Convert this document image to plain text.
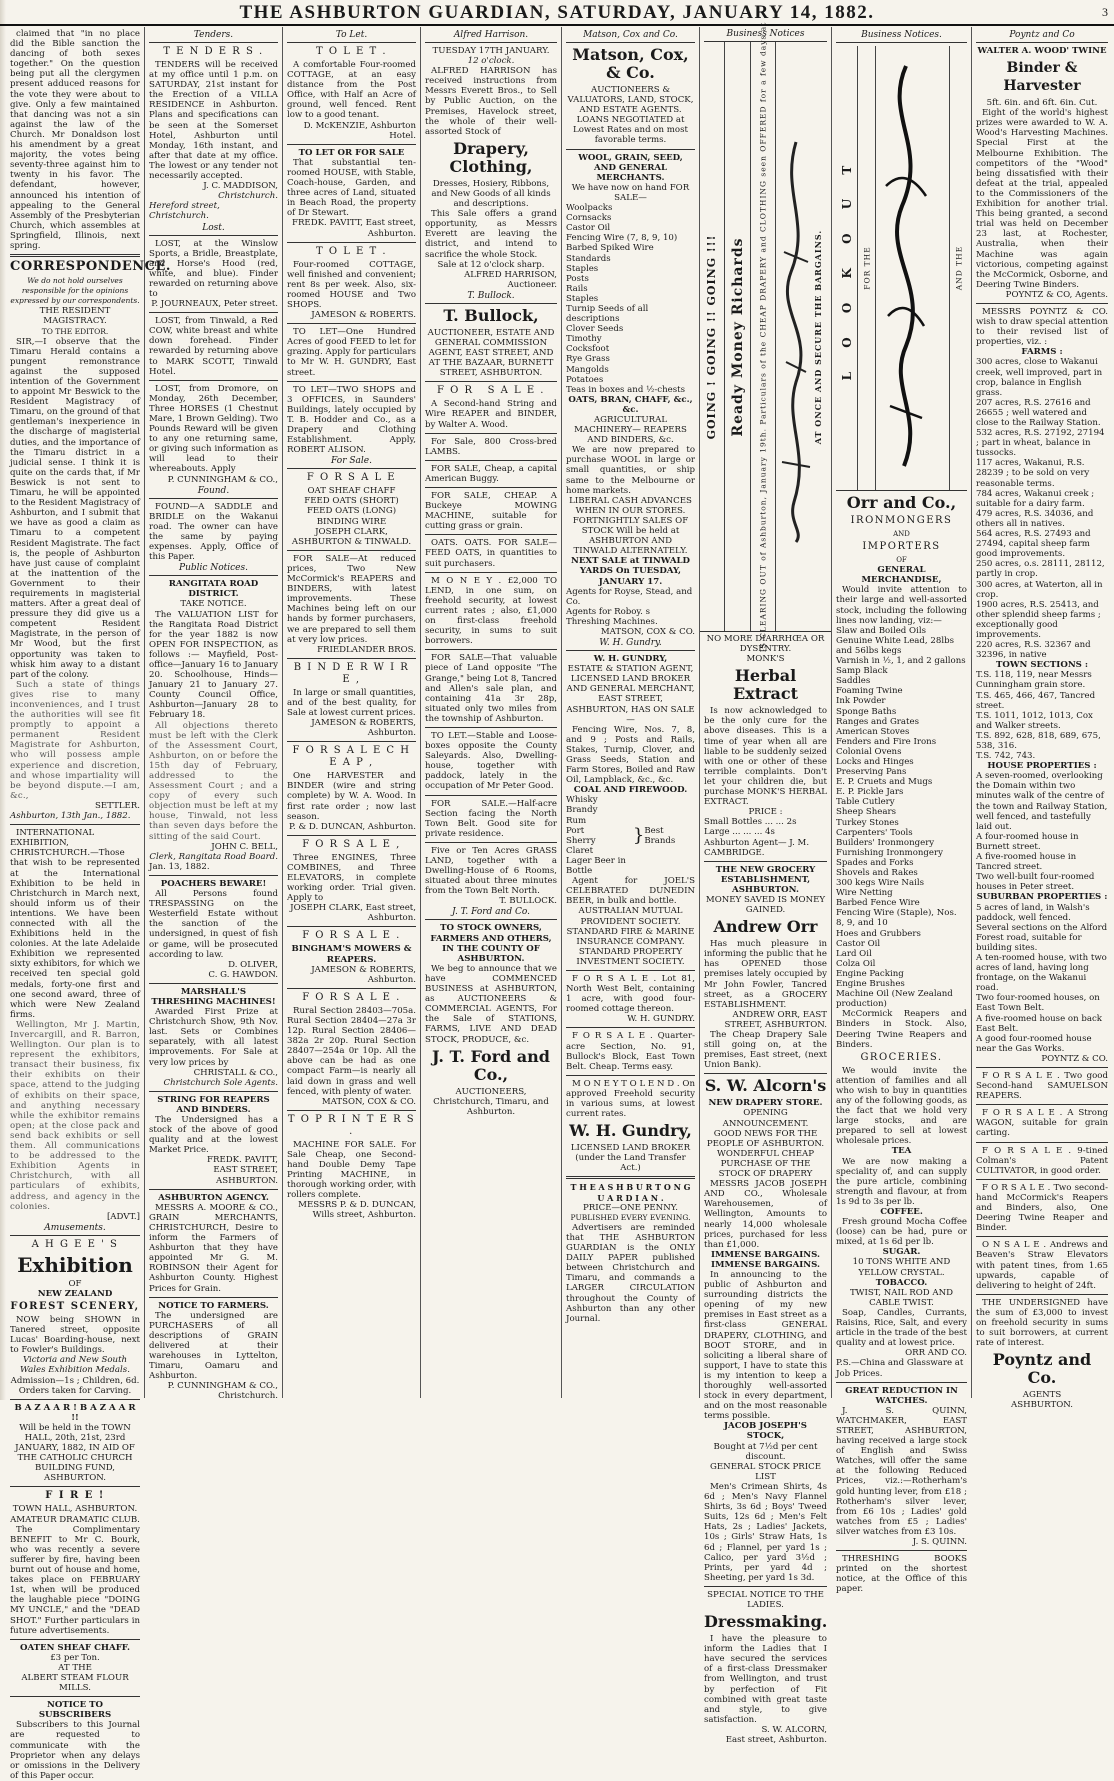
THE ASHBURTON GUARDIAN, SATURDAY, JANUARY 14, 1882.	3

claimed that "in no place did the Bible sanction the dancing of both sexes together." On the question being put all the clergymen present adduced reasons for the vote they were about to give. Only a few maintained that dancing was not a sin against the law of the Church. Mr Donaldson lost his amendment by a great majority, the votes being seventy-three against him to twenty in his favor. The defendant, however, announced his intention of appealing to the General Assembly of the Presbyterian Church, which assembles at Springfield, Illinois, next spring.

CORRESPONDENCE.

We do not hold ourselves responsible for the opinions expressed by our correspondents.

THE RESIDENT MAGISTRACY.
TO THE EDITOR.

SIR,—I observe that the Timaru Herald contains a pungent remonstrance against the supposed intention of the Government to appoint Mr Beswick to the Resident Magistracy of Timaru, on the ground of that gentleman's inexperience in the discharge of magisterial duties, and the importance of the Timaru district in a judicial sense. I think it is quite on the cards that, if Mr Beswick is not sent to Timaru, he will be appointed to the Resident Magistracy of Ashburton, and I submit that we have as good a claim as Timaru to a competent Resident Magistrate. The fact is, the people of Ashburton have just cause of complaint at the inattention of the Government to their requirements in magisterial matters. After a great deal of pressure they did give us a competent Resident Magistrate, in the person of Mr Wood, but the first opportunity was taken to whisk him away to a distant part of the colony.

Such a state of things gives rise to many inconveniences, and I trust the authorities will see fit promptly to appoint a permanent Resident Magistrate for Ashburton, who will possess ample experience and discretion, and whose impartiality will be beyond dispute.—I am, &c.,

SETTLER.
Ashburton, 13th Jan., 1882.

INTERNATIONAL EXHIBITION, CHRISTCHURCH.—Those that wish to be represented at the International Exhibition to be held in Christchurch in March next, should inform us of their intentions. We have been connected with all the Exhibitions held in the colonies. At the late Adelaide Exhibition we represented sixty exhibitors, for which we received ten special gold medals, forty-one first and one second award, three of which were New Zealand firms.

Wellington, Mr J. Martin, Invercargill, and R. Barron, Wellington. Our plan is to represent the exhibitors, transact their business, fix their exhibits on their space, attend to the judging of exhibits on their space, and anything necessary while the exhibitor remains open; at the close pack and send back exhibits or sell them. All communications to be addressed to the Exhibition Agents in Christchurch, with all particulars of exhibits, address, and agency in the colonies.

[ADVT.]
Amusements.
A H G E E ' S
Exhibition
OF
NEW ZEALAND
FOREST SCENERY,

NOW being SHOWN in Tanered street, opposite Lucas' Boarding-house, next to Fowler's Buildings.

Victoria and New South Wales Exhibition Medals.
Admission—1s ; Children, 6d.
Orders taken for Carving.
B A Z A A R ! B A Z A A R !!

Will be held in the TOWN HALL, 20th, 21st, 23rd JANUARY, 1882, IN AID OF THE CATHOLIC CHURCH BUILDING FUND, ASHBURTON.

F I R E !
TOWN HALL, ASHBURTON.
AMATEUR DRAMATIC CLUB.

The Complimentary BENEFIT to Mr C. Bourk, who was recently a severe sufferer by fire, having been burnt out of house and home, takes place on FEBRUARY 1st, when will be produced the laughable piece "DOING MY UNCLE," and the "DEAD SHOT." Further particulars in future advertisements.

OATEN SHEAF CHAFF.
£3 per Ton.
AT THE
ALBERT STEAM FLOUR MILLS.
NOTICE TO SUBSCRIBERS

Subscribers to this Journal are requested to communicate with the Proprietor when any delays or omissions in the Delivery of this Paper occur.

Tenders.
T E N D E R S .

TENDERS will be received at my office until 1 p.m. on SATURDAY, 21st instant for the Erection of a VILLA RESIDENCE in Ashburton. Plans and specifications can be seen at the Somerset Hotel, Ashburton until Monday, 16th instant, and after that date at my office. The lowest or any tender not necessarily accepted.

J. C. MADDISON,
Christchurch.
Hereford street, Christchurch.
Lost.

LOST, at the Winslow Sports, a Bridle, Breastplate, and Horse's Hood (red, white, and blue). Finder rewarded on returning above to

P. JOURNEAUX, Peter street.

LOST, from Tinwald, a Red COW, white breast and white down forehead. Finder rewarded by returning above to MARK SCOTT, Tinwald Hotel.

LOST, from Dromore, on Monday, 26th December, Three HORSES (1 Chestnut Mare, 1 Brown Gelding). Two Pounds Reward will be given to any one returning same, or giving such information as will lead to their whereabouts. Apply

P. CUNNINGHAM & CO.,
Found.

FOUND—A SADDLE and BRIDLE on the Wakanui road. The owner can have the same by paying expenses. Apply, Office of this Paper.

Public Notices.
RANGITATA ROAD DISTRICT.
TAKE NOTICE.

The VALUATION LIST for the Rangitata Road District for the year 1882 is now OPEN FOR INSPECTION, as follows :— Mayfield, Post-office—January 16 to January 20. Schoolhouse, Hinds—January 21 to January 27. County Council Office, Ashburton—January 28 to February 18.

All objections thereto must be left with the Clerk of the Assessment Court, Ashburton, on or before the 15th day of February, addressed to the Assessment Court ; and a copy of every such objection must be left at my house, Tinwald, not less than seven days before the sitting of the said Court.

JOHN C. BELL,
Clerk, Rangitata Road Board.
Jan. 13, 1882.
POACHERS BEWARE!

All Persons found TRESPASSING on the Westerfield Estate without the sanction of the undersigned, in quest of fish or game, will be prosecuted according to law.

D. OLIVER,
C. G. HAWDON.
MARSHALL'S THRESHING MACHINES!

Awarded First Prize at Christchurch Show, 9th Nov. last. Sets or Combines separately, with all latest improvements. For Sale at very low prices by

CHRISTALL & CO.,
Christchurch Sole Agents.
STRING FOR REAPERS AND BINDERS.

The Undersigned has a stock of the above of good quality and at the lowest Market Price.

FREDK. PAVITT,
EAST STREET, ASHBURTON.
ASHBURTON AGENCY.

MESSRS A. MOORE & CO., GRAIN MERCHANTS, CHRISTCHURCH, Desire to inform the Farmers of Ashburton that they have appointed Mr G. M. ROBINSON their Agent for Ashburton County. Highest Prices for Grain.

NOTICE TO FARMERS.

The undersigned are PURCHASERS of all descriptions of GRAIN delivered at their warehouses in Lyttelton, Timaru, Oamaru and Ashburton.

P. CUNNINGHAM & CO.,
Christchurch.
To Let.
T O L E T .

A comfortable Four-roomed COTTAGE, at an easy distance from the Post Office, with Half an Acre of ground, well fenced. Rent low to a good tenant.

D. McKENZIE, Ashburton Hotel.
TO LET OR FOR SALE

That substantial ten-roomed HOUSE, with Stable, Coach-house, Garden, and three acres of Land, situated in Beach Road, the property of Dr Stewart.

FREDK. PAVITT, East street, Ashburton.
T O L E T .

Four-roomed COTTAGE, well finished and convenient; rent 8s per week. Also, six-roomed HOUSE and Two SHOPS.

JAMESON & ROBERTS.

TO LET—One Hundred Acres of good FEED to let for grazing. Apply for particulars to Mr W. H. GUNDRY, East street.

TO LET—TWO SHOPS and 3 OFFICES, in Saunders' Buildings, lately occupied by T. B. Hodder and Co., as a Drapery and Clothing Establishment. Apply, ROBERT ALISON.

For Sale.
F O R S A L E
OAT SHEAF CHAFF
FEED OATS (SHORT)
FEED OATS (LONG)
BINDING WIRE
JOSEPH CLARK,
ASHBURTON & TINWALD.

FOR SALE—At reduced prices, Two New McCormick's REAPERS and BINDERS, with latest improvements. These Machines being left on our hands by former purchasers, we are prepared to sell them at very low prices.

FRIEDLANDER BROS.
B I N D E R W I R E ,

In large or small quantities, and of the best quality, for Sale at lowest current prices.

JAMESON & ROBERTS,
Ashburton.
F O R S A L E C H E A P ,

One HARVESTER and BINDER (wire and string complete) by W. A. Wood. In first rate order ; now last season.

P. & D. DUNCAN, Ashburton.
F O R S A L E ,

Three ENGINES, Three COMBINES, and Three ELEVATORS, in complete working order. Trial given. Apply to

JOSEPH CLARK, East street, Ashburton.
F O R S A L E .
BINGHAM'S MOWERS & REAPERS.
JAMESON & ROBERTS, Ashburton.
F O R S A L E .

Rural Section 28403—705a. Rural Section 28404—27a 3r 12p. Rural Section 28406—382a 2r 20p. Rural Section 28407—254a 0r 10p. All the above can be had as one compact Farm—is nearly all laid down in grass and well fenced, with plenty of water.

MATSON, COX & CO.
T O P R I N T E R S .

MACHINE FOR SALE. For Sale Cheap, one Second-hand Double Demy Tape Printing MACHINE, in thorough working order, with rollers complete.

MESSRS P. & D. DUNCAN, Wills street, Ashburton.
Alfred Harrison.
TUESDAY 17TH JANUARY.
12 o'clock.

ALFRED HARRISON has received instructions from Messrs Everett Bros., to Sell by Public Auction, on the Premises, Havelock street, the whole of their well-assorted Stock of

Drapery, Clothing,

Dresses, Hosiery, Ribbons, and New Goods of all kinds and descriptions.

This Sale offers a grand opportunity, as Messrs Everett are leaving the district, and intend to sacrifice the whole Stock.

Sale at 12 o'clock sharp.
ALFRED HARRISON, Auctioneer.
T. Bullock.
T. Bullock,

AUCTIONEER, ESTATE AND GENERAL COMMISSION AGENT, EAST STREET, AND AT THE BAZAAR, BURNETT STREET, ASHBURTON.

F O R   S A L E .

A Second-hand String and Wire REAPER and BINDER, by Walter A. Wood.

For Sale, 800 Cross-bred LAMBS.

FOR SALE, Cheap, a capital American Buggy.

FOR SALE, CHEAP. A Buckeye MOWING MACHINE, suitable for cutting grass or grain.

OATS. OATS. FOR SALE—FEED OATS, in quantities to suit purchasers.

M O N E Y . £2,000 TO LEND, in one sum, on freehold security, at lowest current rates ; also, £1,000 on first-class freehold security, in sums to suit borrowers.

FOR SALE—That valuable piece of Land opposite "The Grange," being Lot 8, Tancred and Allen's sale plan, and containing 41a 3r 28p, situated only two miles from the township of Ashburton.

TO LET.—Stable and Loose-boxes opposite the County Saleyards. Also, Dwelling-house, together with paddock, lately in the occupation of Mr Peter Good.

FOR SALE.—Half-acre Section facing the North Town Belt. Good site for private residence.

Five or Ten Acres GRASS LAND, together with a Dwelling-House of 6 Rooms, situated about three minutes from the Town Belt North.

T. BULLOCK.
J. T. Ford and Co.
TO STOCK OWNERS, FARMERS AND OTHERS, IN THE COUNTY OF ASHBURTON.

We beg to announce that we have COMMENCED BUSINESS at ASHBURTON, as AUCTIONEERS & COMMERCIAL AGENTS, For the Sale of STATIONS, FARMS, LIVE AND DEAD STOCK, PRODUCE, &c.

J. T. Ford and Co.,
AUCTIONEERS, Christchurch, Timaru, and Ashburton.
Matson, Cox and Co.
Matson, Cox, & Co.

AUCTIONEERS & VALUATORS, LAND, STOCK, AND ESTATE AGENTS.

LOANS NEGOTIATED at Lowest Rates and on most favorable terms.

WOOL, GRAIN, SEED, AND GENERAL MERCHANTS.
We have now on hand FOR SALE—
Woolpacks
Cornsacks
Castor Oil
Fencing Wire (7, 8, 9, 10)
Barbed Spiked Wire
Standards
Staples
Posts
Rails
Staples
Turnip Seeds of all descriptions
Clover Seeds
Timothy
Cocksfoot
Rye Grass
Mangolds
Potatoes
Teas in boxes and ½-chests
OATS, BRAN, CHAFF, &c., &c.
AGRICULTURAL MACHINERY— REAPERS AND BINDERS, &c.

We are now prepared to purchase WOOL in large or small quantities, or ship same to the Melbourne or home markets.

LIBERAL CASH ADVANCES WHEN IN OUR STORES.
FORTNIGHTLY SALES OF STOCK Will be held at ASHBURTON AND TINWALD ALTERNATELY.
NEXT SALE at TINWALD YARDS On TUESDAY, JANUARY 17.
Agents for Royse, Stead, and Co.
Agents for Roboy. s Threshing Machines.
MATSON, COX & CO.
W. H. Gundry.
W. H. GUNDRY,

ESTATE & STATION AGENT, LICENSED LAND BROKER AND GENERAL MERCHANT, EAST STREET, ASHBURTON, HAS ON SALE—

Fencing Wire, Nos. 7, 8, and 9 ; Posts and Rails, Stakes, Turnip, Clover, and Grass Seeds, Station and Farm Stores, Boiled and Raw Oil, Lampblack, &c., &c.

COAL AND FIREWOOD.
Whisky
Brandy
Rum
Port
Sherry
Claret
Lager Beer in Bottle
} Best Brands

Agent for JOEL'S CELEBRATED DUNEDIN BEER, in bulk and bottle.

AUSTRALIAN MUTUAL PROVIDENT SOCIETY. STANDARD FIRE & MARINE INSURANCE COMPANY. STANDARD PROPERTY INVESTMENT SOCIETY.

F O R S A L E . Lot 81, North West Belt, containing 1 acre, with good four-roomed cottage thereon.

W. H. GUNDRY.

F O R S A L E . Quarter-acre Section, No. 91, Bullock's Block, East Town Belt. Cheap. Terms easy.

M O N E Y T O L E N D . On approved Freehold security in various sums, at lowest current rates.

W. H. Gundry,
LICENSED LAND BROKER (under the Land Transfer Act.)
T H E A S H B U R T O N G U A R D I A N .
PRICE—ONE PENNY.
PUBLISHED EVERY EVENING.

Advertisers are reminded that THE ASHBURTON GUARDIAN is the ONLY DAILY PAPER published between Christchurch and Timaru, and commands a LARGER CIRCULATION throughout the County of Ashburton than any other Journal.

Business Notices
GOING ! GOING !! GOING !!! Ready Money Richards IS CLEARING OUT of Ashburton, January 19th. Particulars of the CHEAP DRAPERY and CLOTHING seen OFFERED for a few days at	AT ONCE AND SECURE THE BARGAINS.
NO MORE DIARRHŒA OR DYSENTRY.
MONK'S
Herbal Extract

Is now acknowledged to be the only cure for the above diseases. This is a time of year when all are liable to be suddenly seized with one or other of these terrible complaints. Don't let your children die, but purchase MONK'S HERBAL EXTRACT.

PRICE :
Small Bottles ... ... 2s
Large ... ... ... 4s
Ashburton Agent— J. M. CAMBRIDGE.
THE NEW GROCERY ESTABLISHMENT, ASHBURTON.
MONEY SAVED IS MONEY GAINED.
Andrew Orr

Has much pleasure in informing the public that he has OPENED those premises lately occupied by Mr John Fowler, Tancred street, as a GROCERY ESTABLISHMENT.

ANDREW ORR, EAST STREET, ASHBURTON.

The Cheap Drapery Sale still going on, at the premises, East street, (next Union Bank).

S. W. Alcorn's
NEW DRAPERY STORE.
OPENING ANNOUNCEMENT.
GOOD NEWS FOR THE PEOPLE OF ASHBURTON.
WONDERFUL CHEAP PURCHASE OF THE STOCK OF DRAPERY

MESSRS JACOB JOSEPH AND CO., Wholesale Warehousemen, of Wellington, Amounts to nearly 14,000 wholesale prices, purchased for less than £1,000.

IMMENSE BARGAINS. IMMENSE BARGAINS.

In announcing to the public of Ashburton and surrounding districts the opening of my new premises in East street as a first-class GENERAL DRAPERY, CLOTHING, and BOOT STORE, and in soliciting a liberal share of support, I have to state this is my intention to keep a thoroughly well-assorted stock in every department, and on the most reasonable terms possible.

JACOB JOSEPH'S STOCK,
Bought at 7½d per cent discount.
GENERAL STOCK PRICE LIST

Men's Crimean Shirts, 4s 6d ; Men's Navy Flannel Shirts, 3s 6d ; Boys' Tweed Suits, 12s 6d ; Men's Felt Hats, 2s ; Ladies' Jackets, 10s ; Girls' Straw Hats, 1s 6d ; Flannel, per yard 1s ; Calico, per yard 3½d ; Prints, per yard 4d ; Sheeting, per yard 1s 3d.

SPECIAL NOTICE TO THE LADIES.
Dressmaking.

I have the pleasure to inform the Ladies that I have secured the services of a first-class Dressmaker from Wellington, and trust by perfection of Fit combined with great taste and style, to give satisfaction.

S. W. ALCORN,
East street, Ashburton.
Business Notices.
L O O K O U T FOR THE	AND THE
Orr and Co.,
IRONMONGERS
AND
IMPORTERS
OF
GENERAL MERCHANDISE,

Would invite attention to their large and well-assorted stock, including the following lines now landing, viz:—

Slaw and Boiled Oils
Genuine White Lead, 28lbs and 56lbs kegs
Varnish in ½, 1, and 2 gallons
Samp Black
Saddles
Foaming Twine
Ink Powder
Sponge Baths
Ranges and Grates
American Stoves
Fenders and Fire Irons
Colonial Ovens
Locks and Hinges
Preserving Pans
E. P. Cruets and Mugs
E. P. Pickle Jars
Table Cutlery
Sheep Shears
Turkey Stones
Carpenters' Tools
Builders' Ironmongery
Furnishing Ironmongery
Spades and Forks
Shovels and Rakes
300 kegs Wire Nails
Wire Netting
Barbed Fence Wire
Fencing Wire (Staple), Nos. 8, 9, and 10
Hoes and Grubbers
Castor Oil
Lard Oil
Colza Oil
Engine Packing
Engine Brushes
Machine Oil (New Zealand production)

McCormick Reapers and Binders in Stock. Also, Deering Twine Reapers and Binders.

GROCERIES.

We would invite the attention of families and all who wish to buy in quantities any of the following goods, as the fact that we hold very large stocks, and are prepared to sell at lowest wholesale prices.

TEA

We are now making a speciality of, and can supply the pure article, combining strength and flavour, at from 1s 9d to 3s per lb.

COFFEE.

Fresh ground Mocha Coffee (loose) can be had, pure or mixed, at 1s 6d per lb.

SUGAR.
10 TONS WHITE AND YELLOW CRYSTAL.
TOBACCO.
TWIST, NAIL ROD AND CABLE TWIST.

Soap, Candles, Currants, Raisins, Rice, Salt, and every article in the trade of the best quality and at lowest price.

ORR AND CO.
P.S.—China and Glassware at Job Prices.
GREAT REDUCTION IN WATCHES.

J. S. QUINN, WATCHMAKER, EAST STREET, ASHBURTON, having received a large stock of English and Swiss Watches, will offer the same at the following Reduced Prices, viz.:—Rotherham's gold hunting lever, from £18 ; Rotherham's silver lever, from £6 10s ; Ladies' gold watches from £5 ; Ladies' silver watches from £3 10s.

J. S. QUINN.

THRESHING BOOKS printed on the shortest notice, at the Office of this paper.

Poyntz and Co
WALTER A. WOOD' TWINE
Binder & Harvester
5ft. 6in. and 6ft. 6in. Cut.

Eight of the world's highest prizes were awarded to W. A. Wood's Harvesting Machines. Special First at the Melbourne Exhibition. The competitors of the "Wood" being dissatisfied with their defeat at the trial, appealed to the Commissioners of the Exhibition for another trial. This being granted, a second trial was held on December 23 last, at Rochester, Australia, when their Machine was again victorious, competing against the McCormick, Osborne, and Deering Twine Binders.

POYNTZ & CO, Agents.

MESSRS POYNTZ & CO. wish to draw special attention to their revised list of properties, viz. :

FARMS :
300 acres, close to Wakanui creek, well improved, part in crop, balance in English grass.
207 acres, R.S. 27616 and 26655 ; well watered and close to the Railway Station.
532 acres, R.S. 27192, 27194 ; part in wheat, balance in tussocks.
117 acres, Wakanui, R.S. 28239 ; to be sold on very reasonable terms.
784 acres, Wakanui creek ; suitable for a dairy farm.
479 acres, R.S. 34036, and others all in natives.
564 acres, R.S. 27493 and 27494, capital sheep farm good improvements.
250 acres, o.s. 28111, 28112, partly in crop.
300 acres, at Waterton, all in crop.
1900 acres, R.S. 25413, and other splendid sheep farms ; exceptionally good improvements.
220 acres, R.S. 32367 and 32396, in native
TOWN SECTIONS :
T.S. 118, 119, near Messrs Cunningham grain store.
T.S. 465, 466, 467, Tancred street.
T.S. 1011, 1012, 1013, Cox and Walker streets.
T.S. 892, 628, 818, 689, 675, 538, 316.
T.S. 742, 743.
HOUSE PROPERTIES :
A seven-roomed, overlooking the Domain within two minutes walk of the centre of the town and Railway Station, well fenced, and tastefully laid out.
A four-roomed house in Burnett street.
A five-roomed house in Tancred street.
Two well-built four-roomed houses in Peter street.
SUBURBAN PROPERTIES :
5 acres of land, in Walsh's paddock, well fenced.
Several sections on the Alford Forest road, suitable for building sites.
A ten-roomed house, with two acres of land, having long frontage, on the Wakanui road.
Two four-roomed houses, on East Town Belt.
A five-roomed house on back East Belt.
A good four-roomed house near the Gas Works.
POYNTZ & CO.

F O R S A L E . Two good Second-hand SAMUELSON REAPERS.

F O R S A L E . A Strong WAGON, suitable for grain carting.

F O R S A L E . 9-tined Colman's Patent CULTIVATOR, in good order.

F O R S A L E . Two second-hand McCormick's Reapers and Binders, also, One Deering Twine Reaper and Binder.

O N S A L E . Andrews and Beaven's Straw Elevators with patent tines, from 1.65 upwards, capable of delivering to height of 24ft.

THE UNDERSIGNED have the sum of £3,000 to invest on freehold security in sums to suit borrowers, at current rate of interest.

Poyntz and Co.
AGENTS
ASHBURTON.
